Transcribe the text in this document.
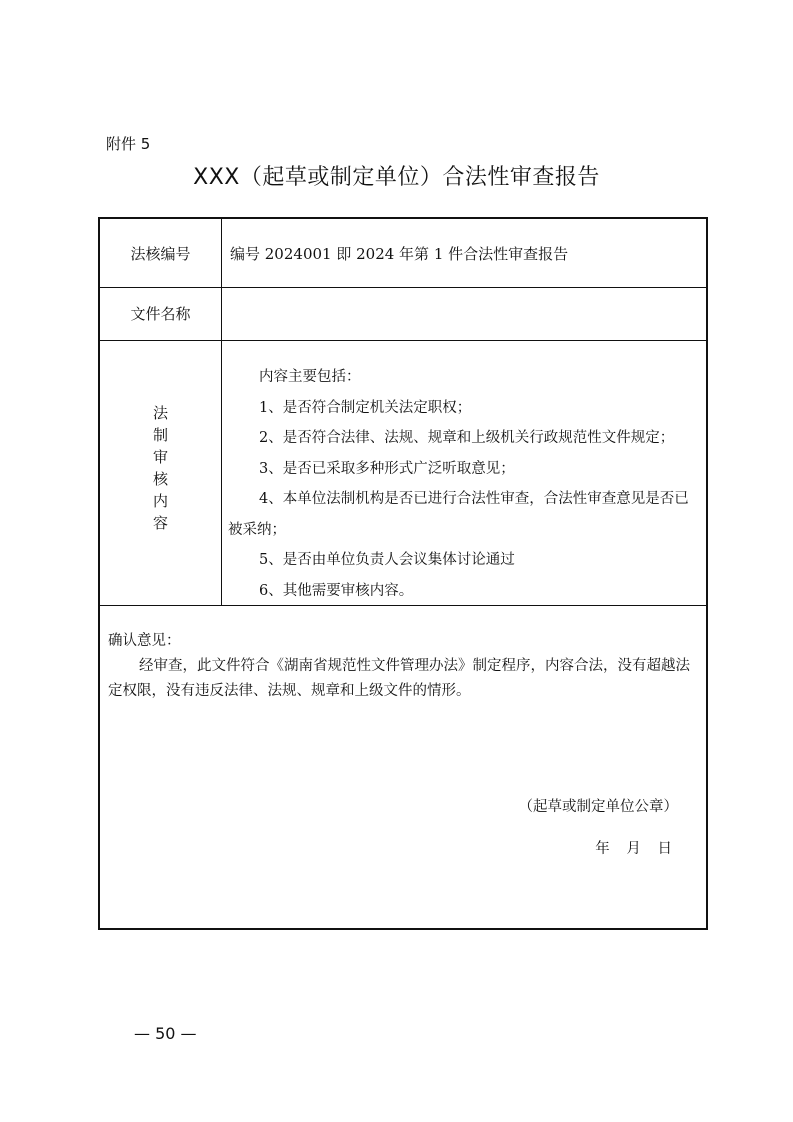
附件 5
XXX（起草或制定单位）合法性审查报告
法核编号	编号 2024001 即 2024 年第 1 件合法性审查报告
文件名称
法制审核内容

内容主要包括：

1、是否符合制定机关法定职权；

2、是否符合法律、法规、规章和上级机关行政规范性文件规定；

3、是否已采取多种形式广泛听取意见；

4、本单位法制机构是否已进行合法性审查，合法性审查意见是否已被采纳；

5、是否由单位负责人会议集体讨论通过

6、其他需要审核内容。

确认意见：

经审查，此文件符合《湖南省规范性文件管理办法》制定程序，内容合法，没有超越法定权限，没有违反法律、法规、规章和上级文件的情形。

（起草或制定单位公章）
年 月 日
— 50 —
